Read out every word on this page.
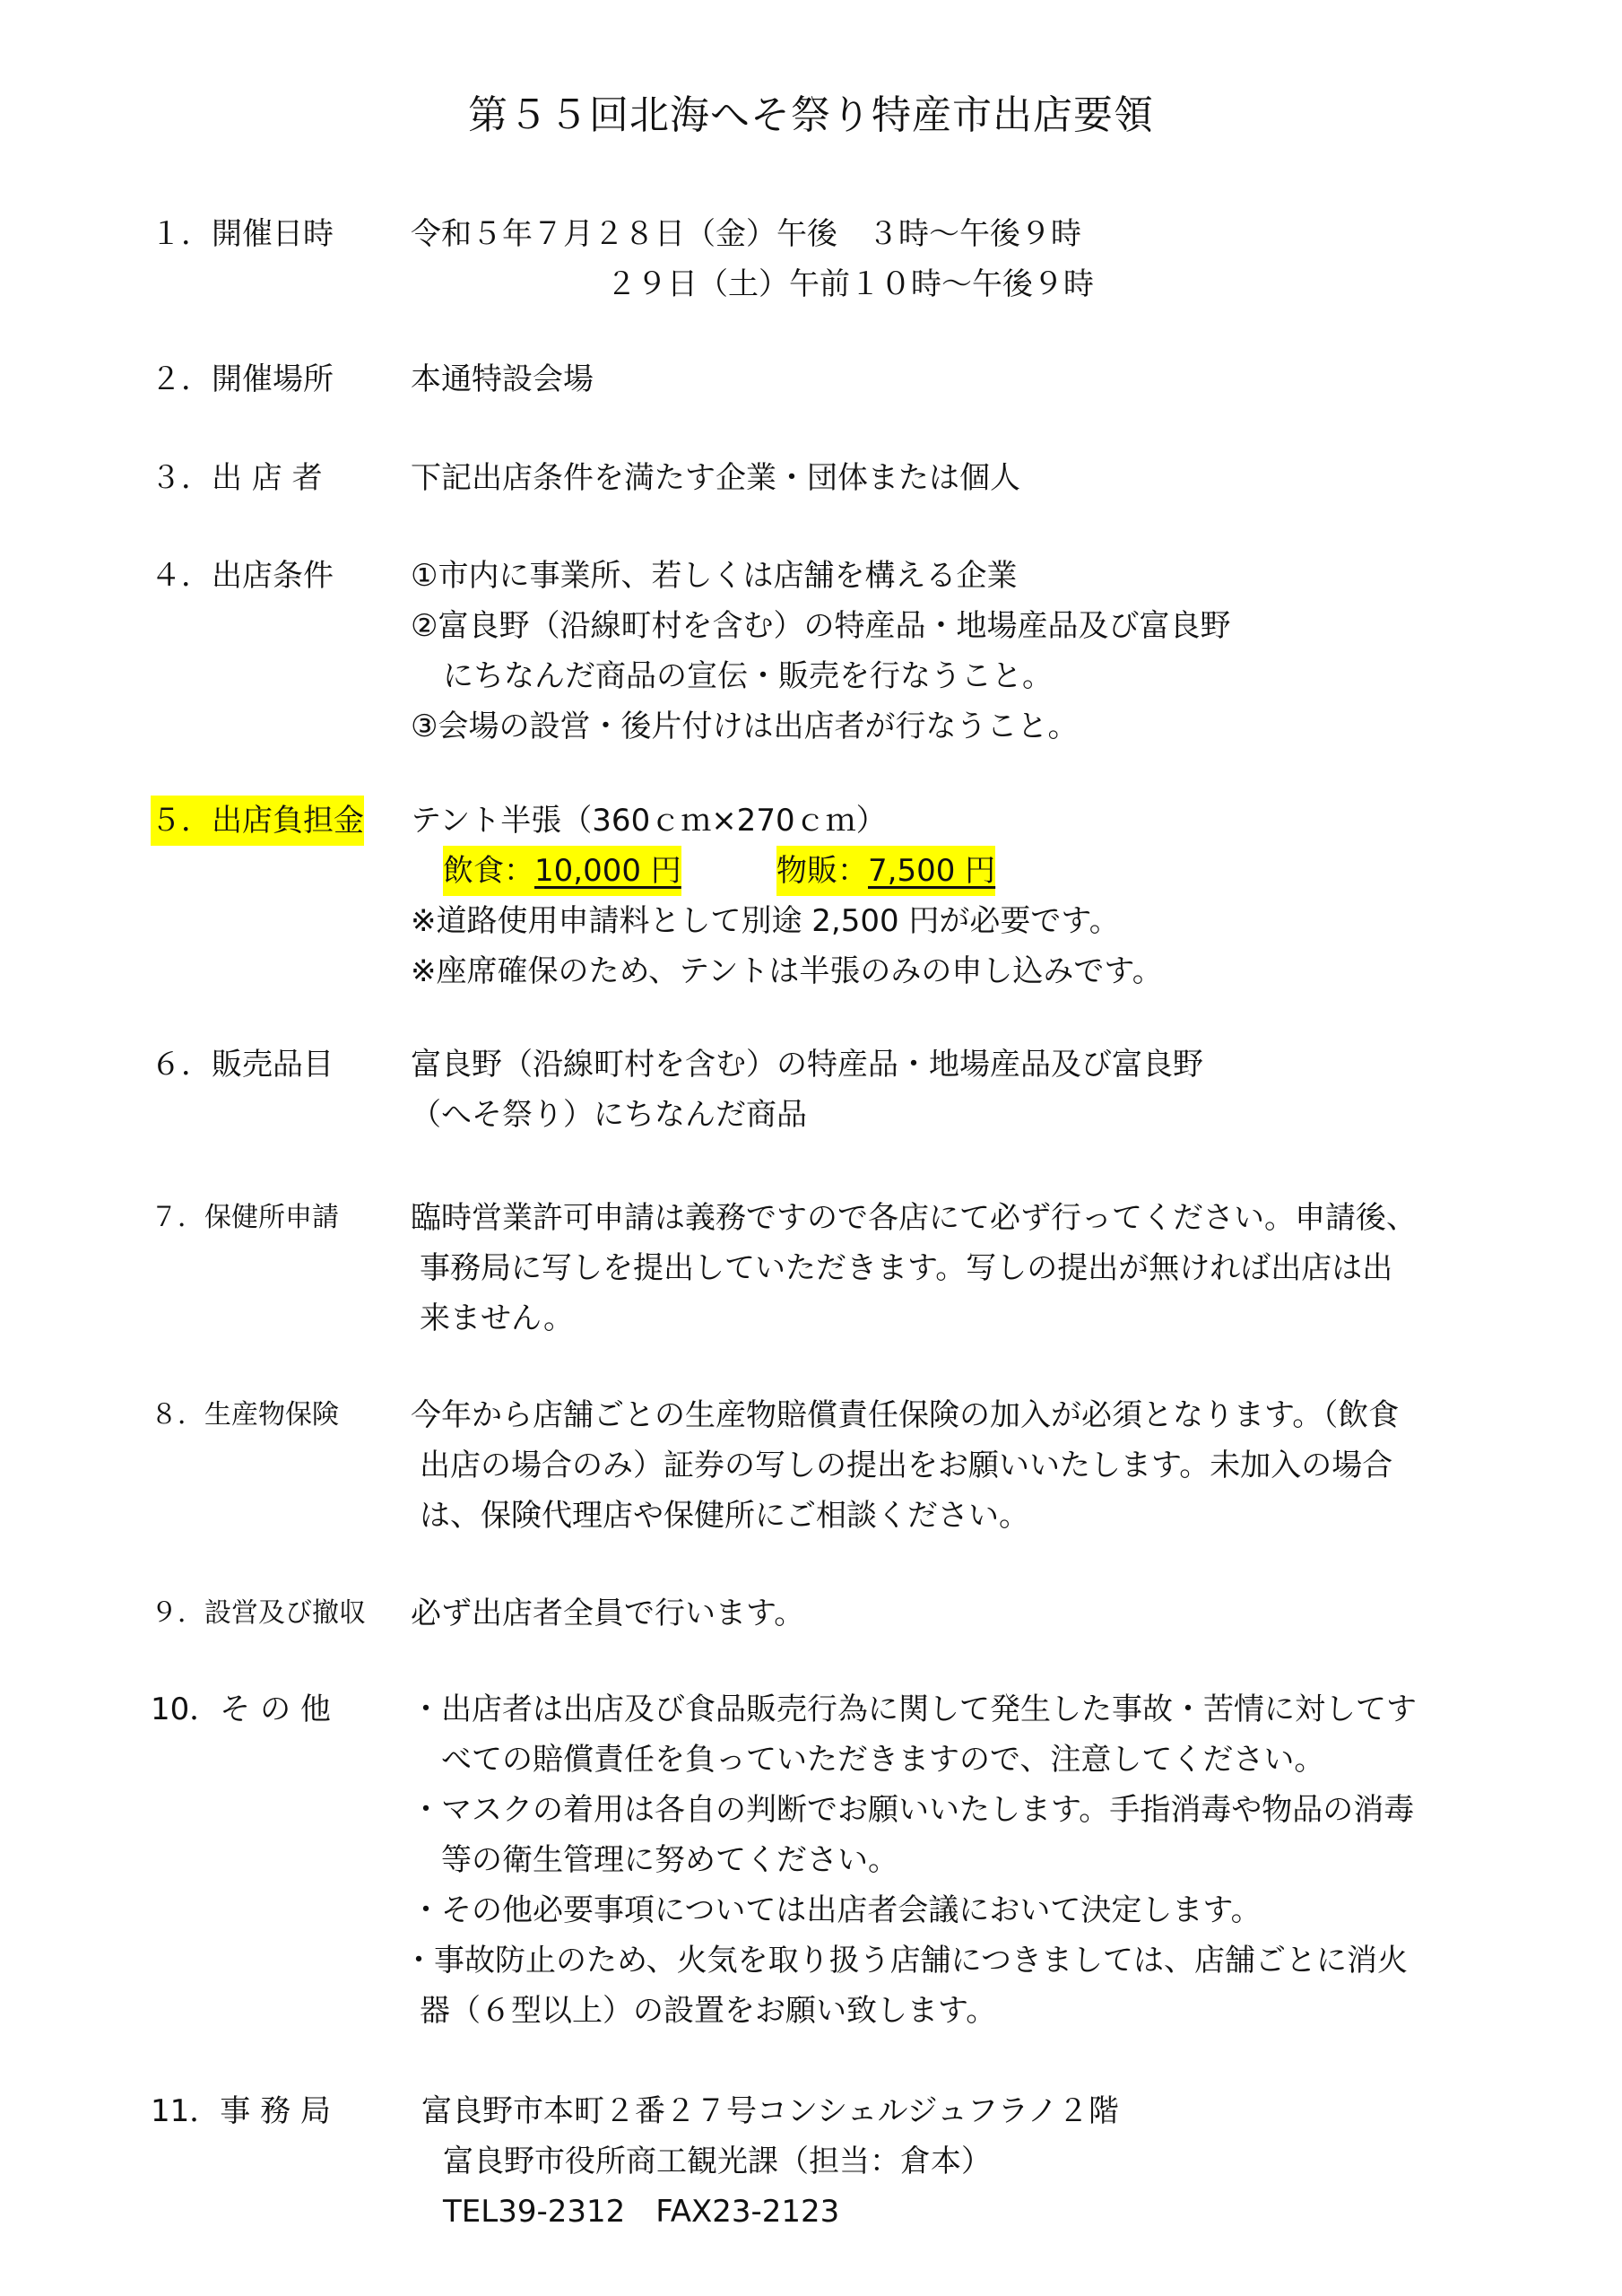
第５５回北海へそ祭り特産市出店要領
１．開催日時	令和５年７月２８日（金）午後　３時～午後９時
２９日（土）午前１０時～午後９時
２．開催場所	本通特設会場
３．出 店 者	下記出店条件を満たす企業・団体または個人
４．出店条件	①市内に事業所、若しくは店舗を構える企業
②富良野（沿線町村を含む）の特産品・地場産品及び富良野
にちなんだ商品の宣伝・販売を行なうこと。
③会場の設営・後片付けは出店者が行なうこと。
５．出店負担金 テント半張（360ｃｍ×270ｃｍ）
飲食：10,000 円	物販：7,500 円
※道路使用申請料として別途 2,500 円が必要です。
※座席確保のため、テントは半張のみの申し込みです。
６．販売品目	富良野（沿線町村を含む）の特産品・地場産品及び富良野
（へそ祭り）にちなんだ商品
７．保健所申請 臨時営業許可申請は義務ですので各店にて必ず行ってください。申請後、
事務局に写しを提出していただきます。写しの提出が無ければ出店は出
来ません。
８．生産物保険 今年から店舗ごとの生産物賠償責任保険の加入が必須となります。（飲食
出店の場合のみ）証券の写しの提出をお願いいたします。未加入の場合
は、保険代理店や保健所にご相談ください。
９．設営及び撤収 必ず出店者全員で行います。
10．そ の 他	・出店者は出店及び食品販売行為に関して発生した事故・苦情に対してす
べての賠償責任を負っていただきますので、注意してください。
・マスクの着用は各自の判断でお願いいたします。手指消毒や物品の消毒
等の衛生管理に努めてください。
・その他必要事項については出店者会議において決定します。
・事故防止のため、火気を取り扱う店舗につきましては、店舗ごとに消火
器（６型以上）の設置をお願い致します。
11．事 務 局	富良野市本町２番２７号コンシェルジュフラノ２階
富良野市役所商工観光課（担当：倉本）
TEL39-2312　FAX23-2123
